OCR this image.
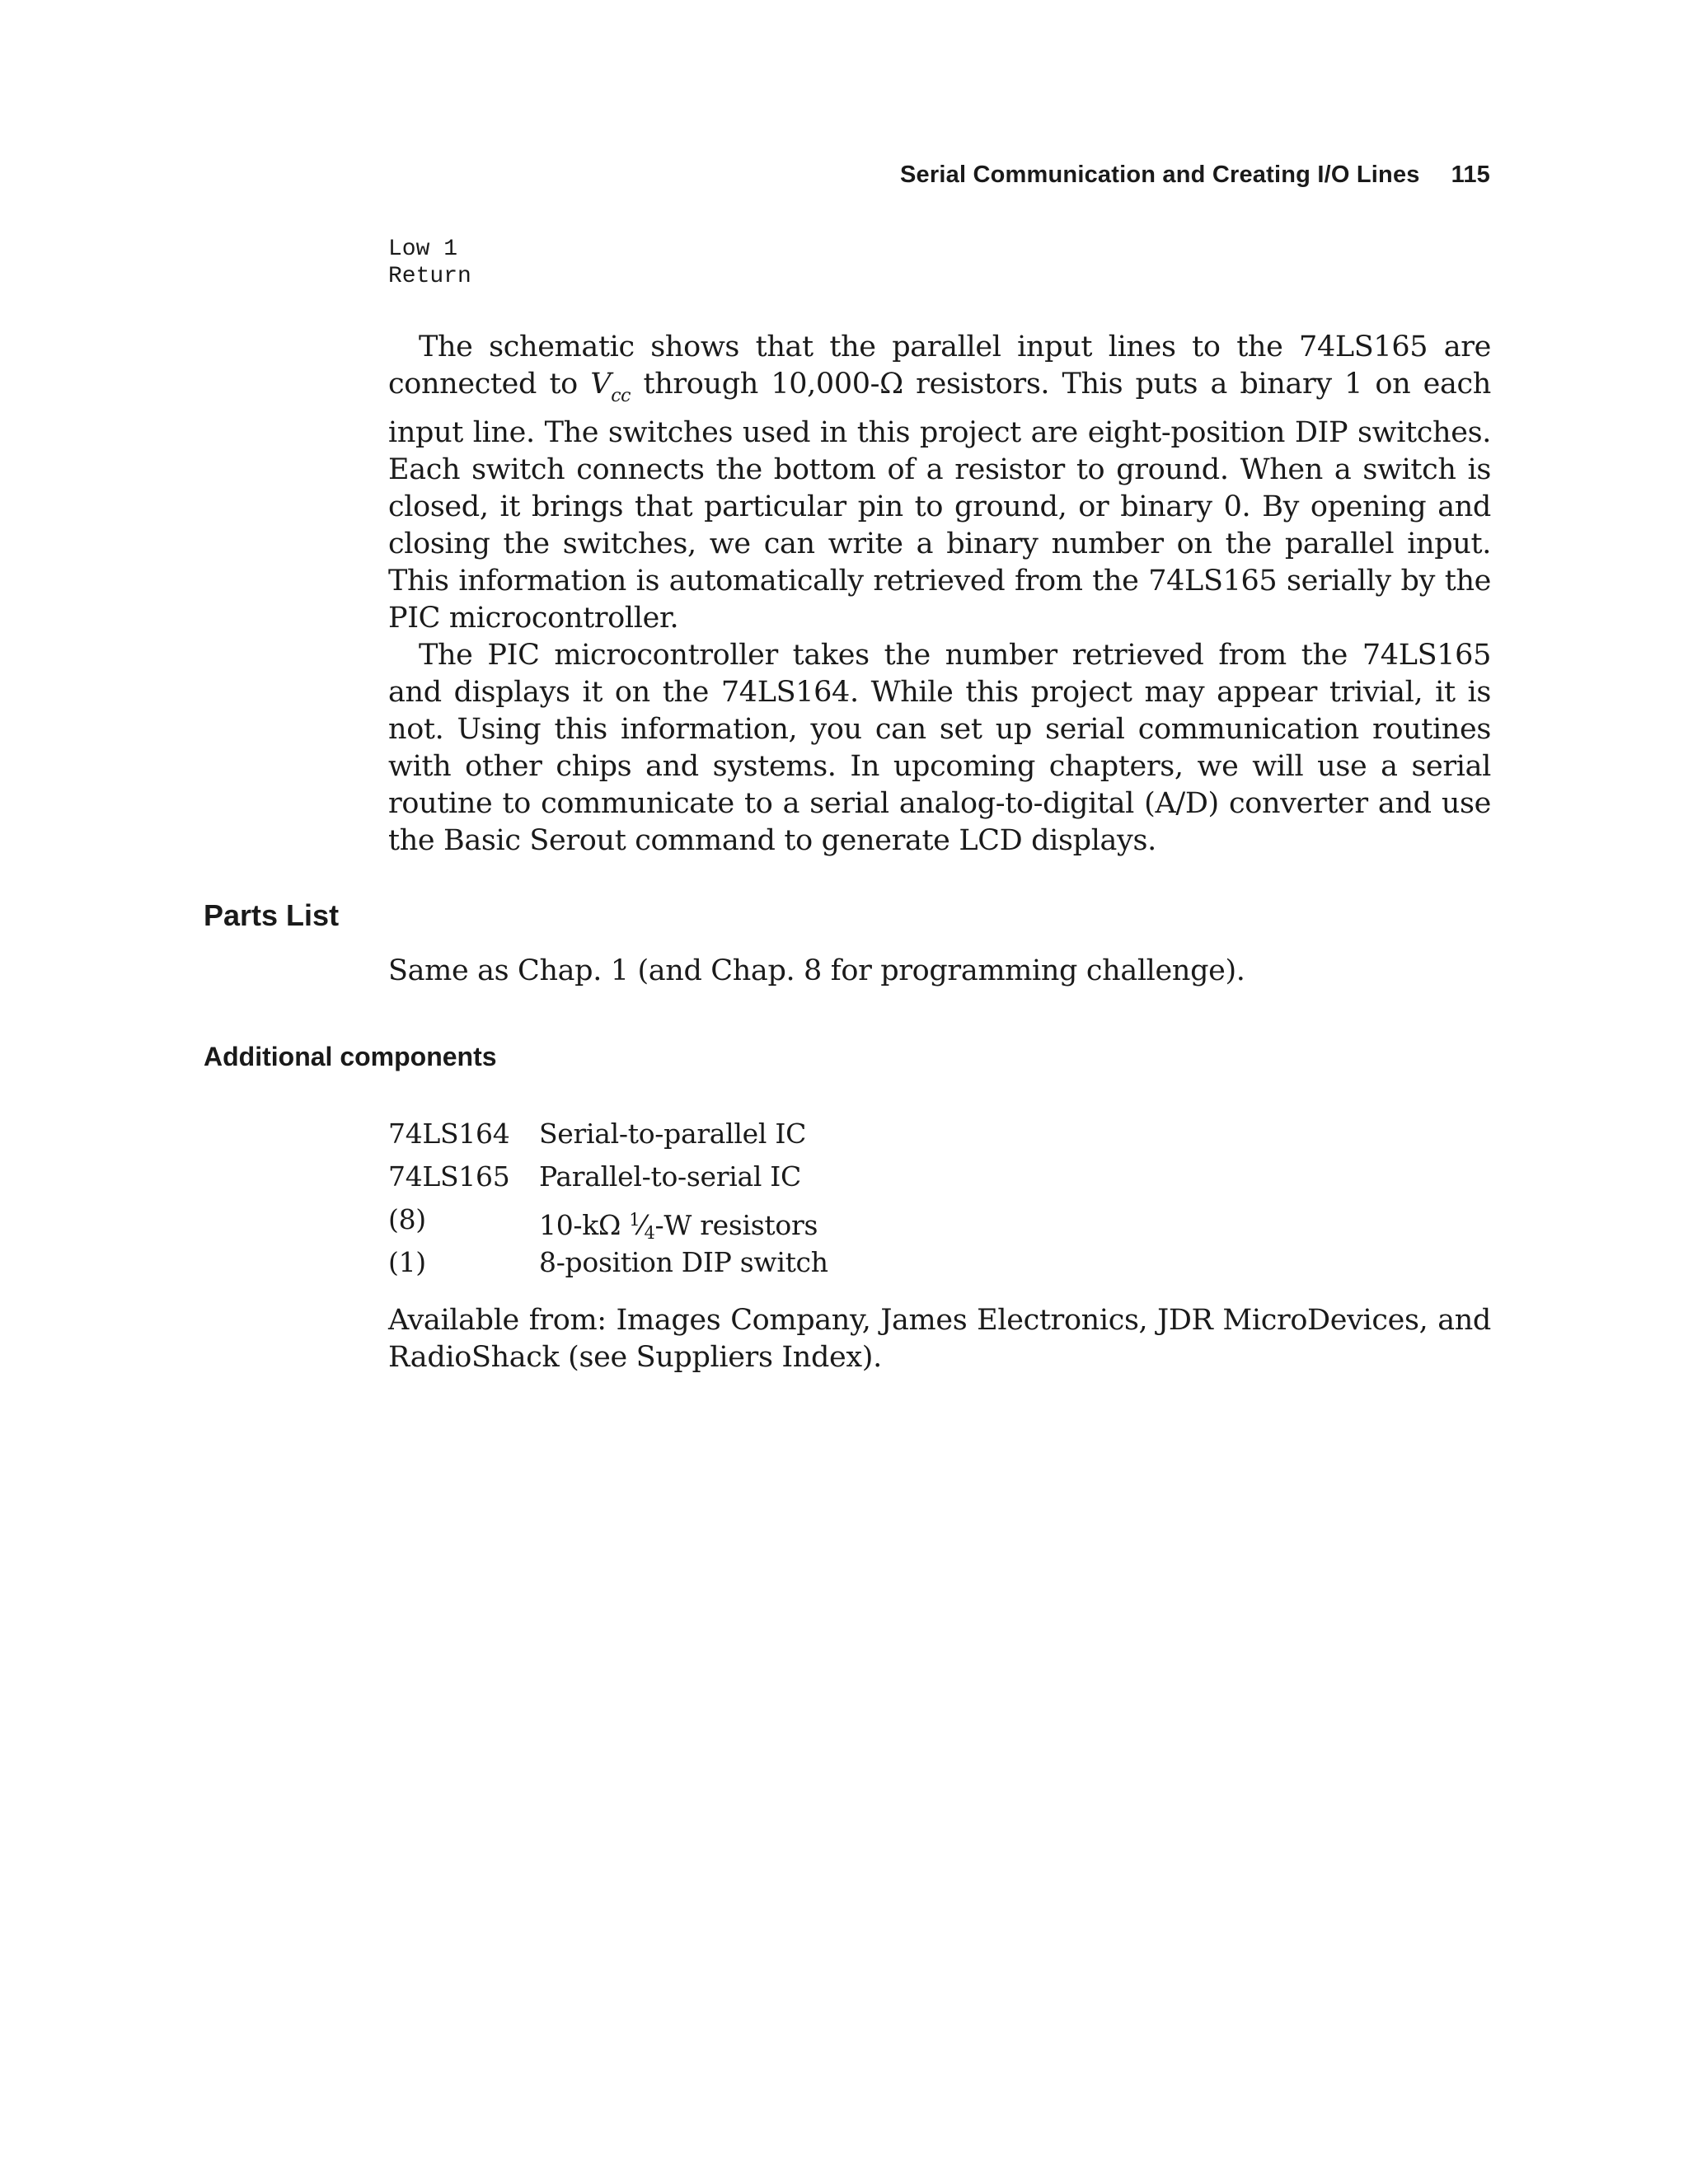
Serial Communication and Creating I/O Lines 115
Low 1
Return

The schematic shows that the parallel input lines to the 74LS165 are connected to $V_{cc}$ through 10,000-Ω resistors. This puts a binary 1 on each input line. The switches used in this project are eight-position DIP switches. Each switch connects the bottom of a resistor to ground. When a switch is closed, it brings that particular pin to ground, or binary 0. By opening and closing the switches, we can write a binary number on the parallel input. This information is automatically retrieved from the 74LS165 serially by the PIC microcontroller.

The PIC microcontroller takes the number retrieved from the 74LS165 and displays it on the 74LS164. While this project may appear trivial, it is not. Using this information, you can set up serial communication routines with other chips and systems. In upcoming chapters, we will use a serial routine to communicate to a serial analog-to-digital (A/D) converter and use the Basic Serout command to generate LCD displays.

Parts List
Same as Chap. 1 (and Chap. 8 for programming challenge).
Additional components
74LS164	Serial-to-parallel IC
74LS165	Parallel-to-serial IC
(8)	10-kΩ $^1$⁄4-W resistors
(1)	8-position DIP switch
Available from: Images Company, James Electronics, JDR MicroDevices, and RadioShack (see Suppliers Index).
